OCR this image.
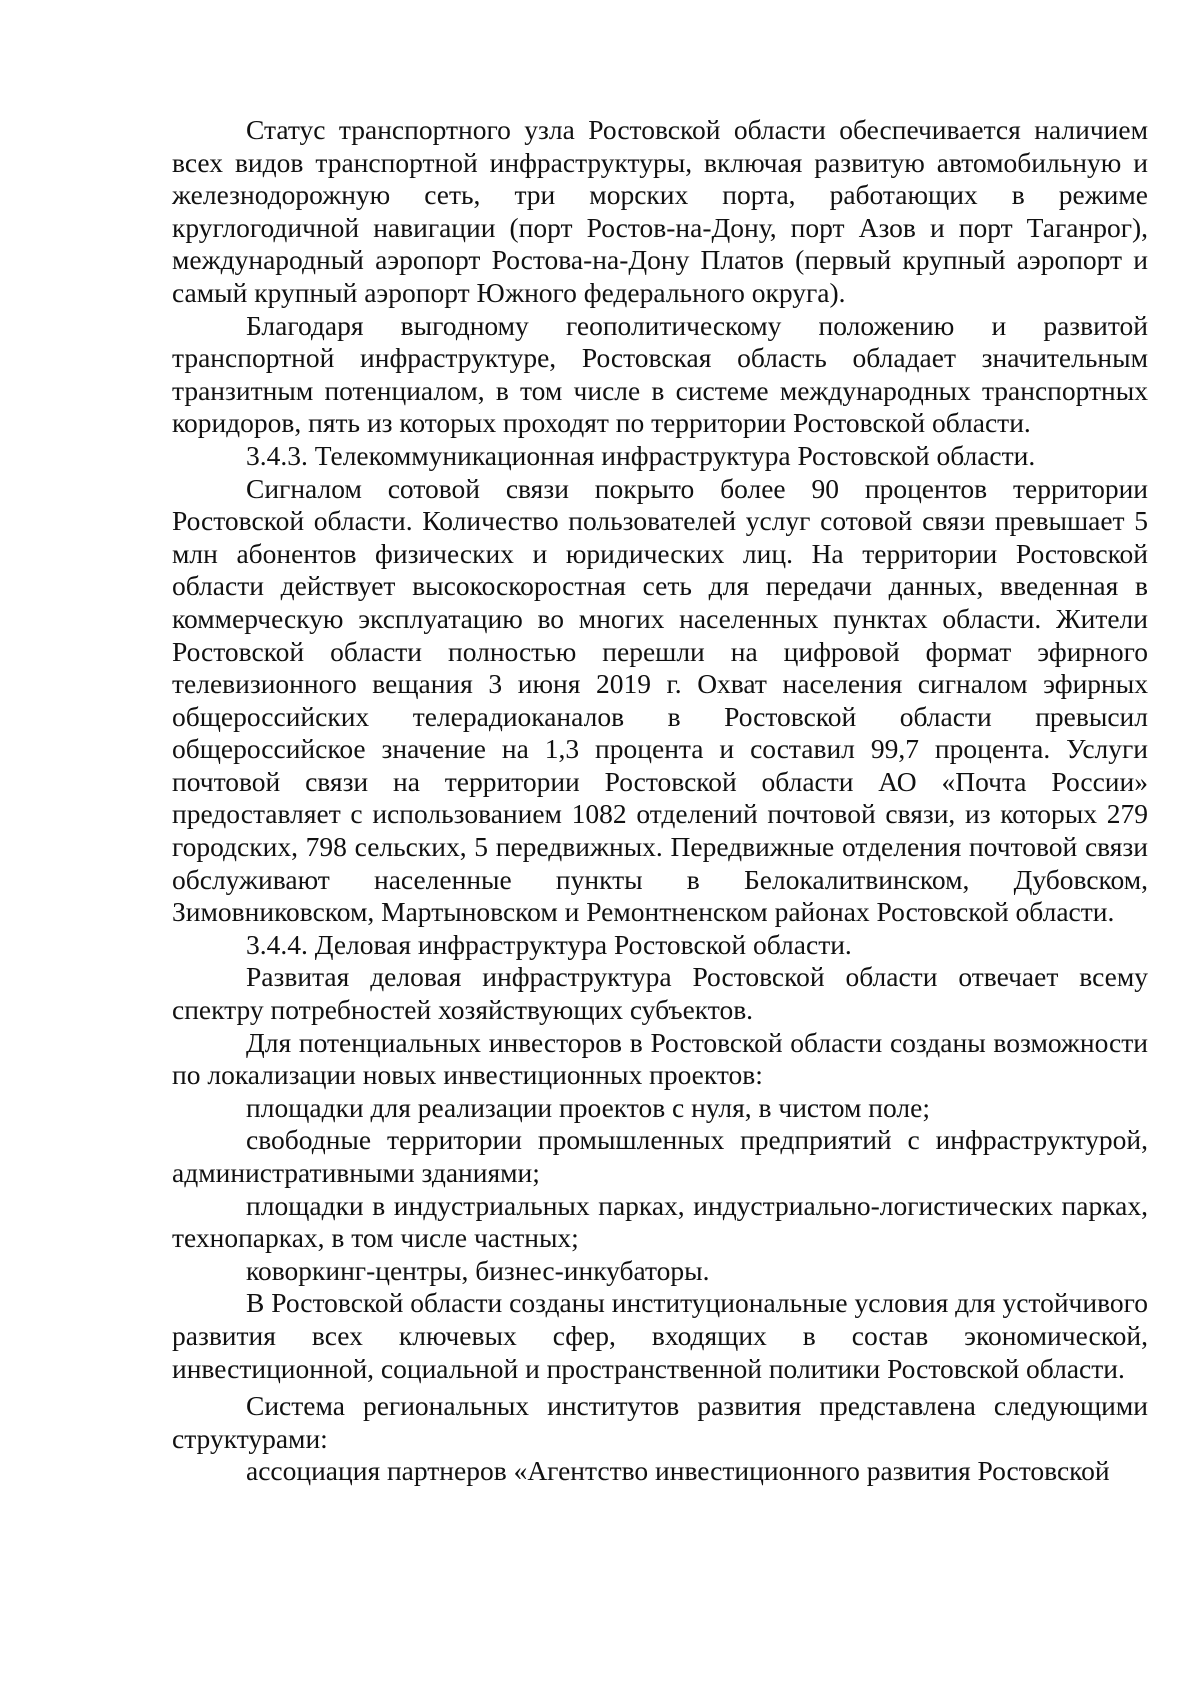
Статус транспортного узла Ростовской области обеспечивается наличием всех видов транспортной инфраструктуры, включая развитую автомобильную и железнодорожную сеть, три морских порта, работающих в режиме круглогодичной навигации (порт Ростов-на-Дону, порт Азов и порт Таганрог), международный аэропорт Ростова-на-Дону Платов (первый крупный аэропорт и самый крупный аэропорт Южного федерального округа).

Благодаря выгодному геополитическому положению и развитой транспортной инфраструктуре, Ростовская область обладает значительным транзитным потенциалом, в том числе в системе международных транспортных коридоров, пять из которых проходят по территории Ростовской области.

3.4.3. Телекоммуникационная инфраструктура Ростовской области.

Сигналом сотовой связи покрыто более 90 процентов территории Ростовской области. Количество пользователей услуг сотовой связи превышает 5 млн абонентов физических и юридических лиц. На территории Ростовской области действует высокоскоростная сеть для передачи данных, введенная в коммерческую эксплуатацию во многих населенных пунктах области. Жители Ростовской области полностью перешли на цифровой формат эфирного телевизионного вещания 3 июня 2019 г. Охват населения сигналом эфирных общероссийских телерадиоканалов в Ростовской области превысил общероссийское значение на 1,3 процента и составил 99,7 процента. Услуги почтовой связи на территории Ростовской области АО «Почта России» предоставляет с использованием 1082 отделений почтовой связи, из которых 279 городских, 798 сельских, 5 передвижных. Передвижные отделения почтовой связи обслуживают населенные пункты в Белокалитвинском, Дубовском, Зимовниковском, Мартыновском и Ремонтненском районах Ростовской области.

3.4.4. Деловая инфраструктура Ростовской области.

Развитая деловая инфраструктура Ростовской области отвечает всему спектру потребностей хозяйствующих субъектов.

Для потенциальных инвесторов в Ростовской области созданы возможности по локализации новых инвестиционных проектов:

площадки для реализации проектов с нуля, в чистом поле;

свободные территории промышленных предприятий с инфраструктурой, административными зданиями;

площадки в индустриальных парках, индустриально-логистических парках, технопарках, в том числе частных;

коворкинг-центры, бизнес-инкубаторы.

В Ростовской области созданы институциональные условия для устойчивого развития всех ключевых сфер, входящих в состав экономической, инвестиционной, социальной и пространственной политики Ростовской области.

Система региональных институтов развития представлена следующими структурами:

ассоциация партнеров «Агентство инвестиционного развития Ростовской
